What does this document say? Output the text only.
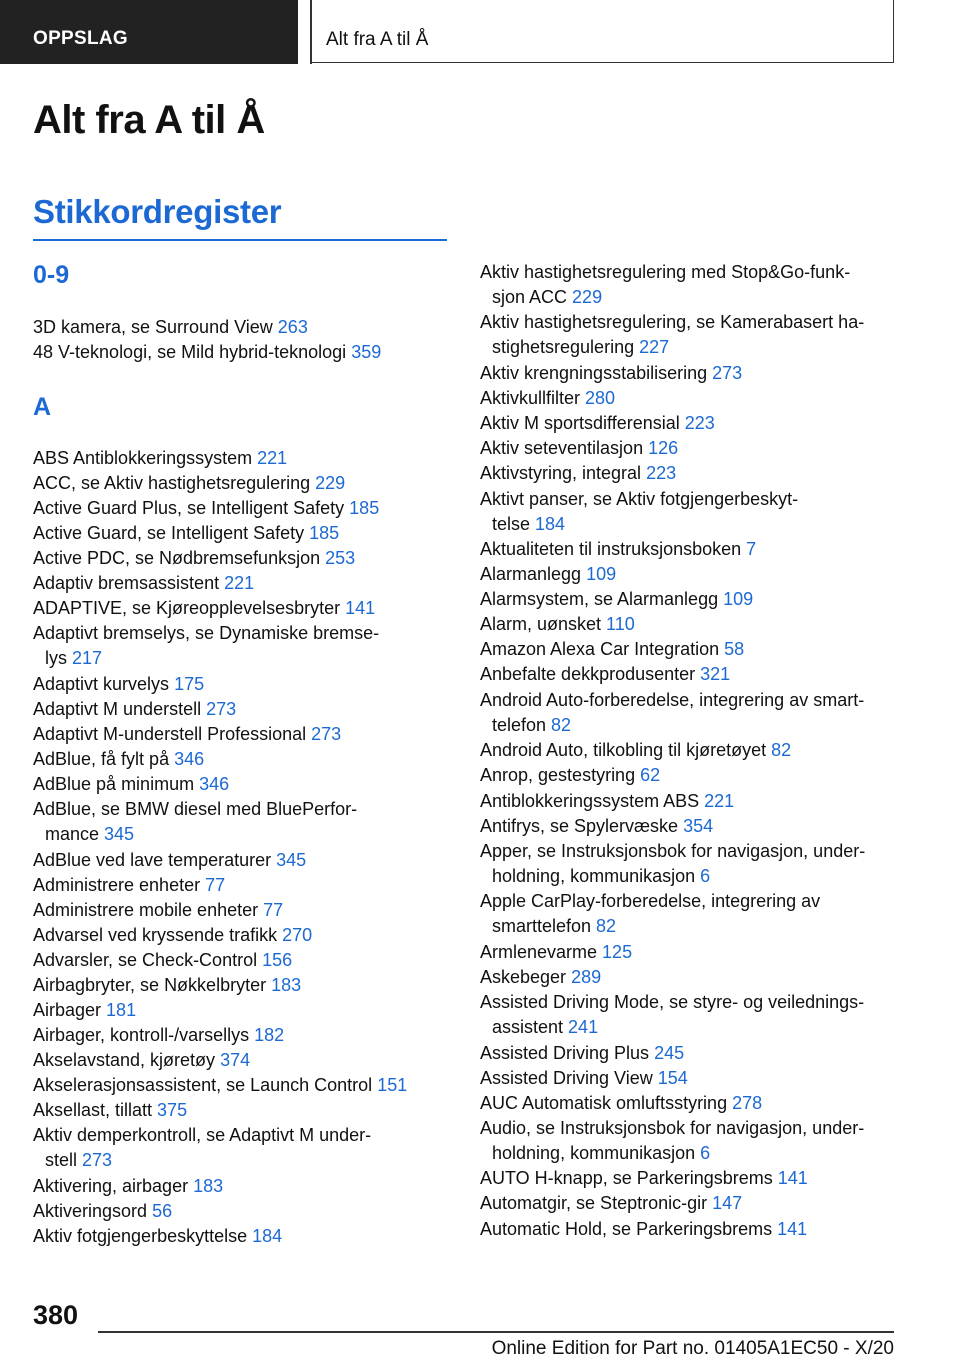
OPPSLAG	Alt fra A til Å
Alt fra A til Å
Stikkordregister
0-9
3D kamera, se Surround View 263
48 V-teknologi, se Mild hybrid-teknologi 359
A
ABS Antiblokkeringssystem 221
ACC, se Aktiv hastighetsregulering 229
Active Guard Plus, se Intelligent Safety 185
Active Guard, se Intelligent Safety 185
Active PDC, se Nødbremsefunksjon 253
Adaptiv bremsassistent 221
ADAPTIVE, se Kjøreopplevelsesbryter 141
Adaptivt bremselys, se Dynamiske bremse-
lys 217
Adaptivt kurvelys 175
Adaptivt M understell 273
Adaptivt M-understell Professional 273
AdBlue, få fylt på 346
AdBlue på minimum 346
AdBlue, se BMW diesel med BluePerfor-
mance 345
AdBlue ved lave temperaturer 345
Administrere enheter 77
Administrere mobile enheter 77
Advarsel ved kryssende trafikk 270
Advarsler, se Check-Control 156
Airbagbryter, se Nøkkelbryter 183
Airbager 181
Airbager, kontroll-/varsellys 182
Akselavstand, kjøretøy 374
Akselerasjonsassistent, se Launch Control 151
Aksellast, tillatt 375
Aktiv demperkontroll, se Adaptivt M under-
stell 273
Aktivering, airbager 183
Aktiveringsord 56
Aktiv fotgjengerbeskyttelse 184
Aktiv hastighetsregulering med Stop&Go-funk-
sjon ACC 229
Aktiv hastighetsregulering, se Kamerabasert ha-
stighetsregulering 227
Aktiv krengningsstabilisering 273
Aktivkullfilter 280
Aktiv M sportsdifferensial 223
Aktiv seteventilasjon 126
Aktivstyring, integral 223
Aktivt panser, se Aktiv fotgjengerbeskyt-
telse 184
Aktualiteten til instruksjonsboken 7
Alarmanlegg 109
Alarmsystem, se Alarmanlegg 109
Alarm, uønsket 110
Amazon Alexa Car Integration 58
Anbefalte dekkprodusenter 321
Android Auto-forberedelse, integrering av smart-
telefon 82
Android Auto, tilkobling til kjøretøyet 82
Anrop, gestestyring 62
Antiblokkeringssystem ABS 221
Antifrys, se Spylervæske 354
Apper, se Instruksjonsbok for navigasjon, under-
holdning, kommunikasjon 6
Apple CarPlay-forberedelse, integrering av
smarttelefon 82
Armlenevarme 125
Askebeger 289
Assisted Driving Mode, se styre- og veilednings-
assistent 241
Assisted Driving Plus 245
Assisted Driving View 154
AUC Automatisk omluftsstyring 278
Audio, se Instruksjonsbok for navigasjon, under-
holdning, kommunikasjon 6
AUTO H-knapp, se Parkeringsbrems 141
Automatgir, se Steptronic-gir 147
Automatic Hold, se Parkeringsbrems 141
380
Online Edition for Part no. 01405A1EC50 - X/20
